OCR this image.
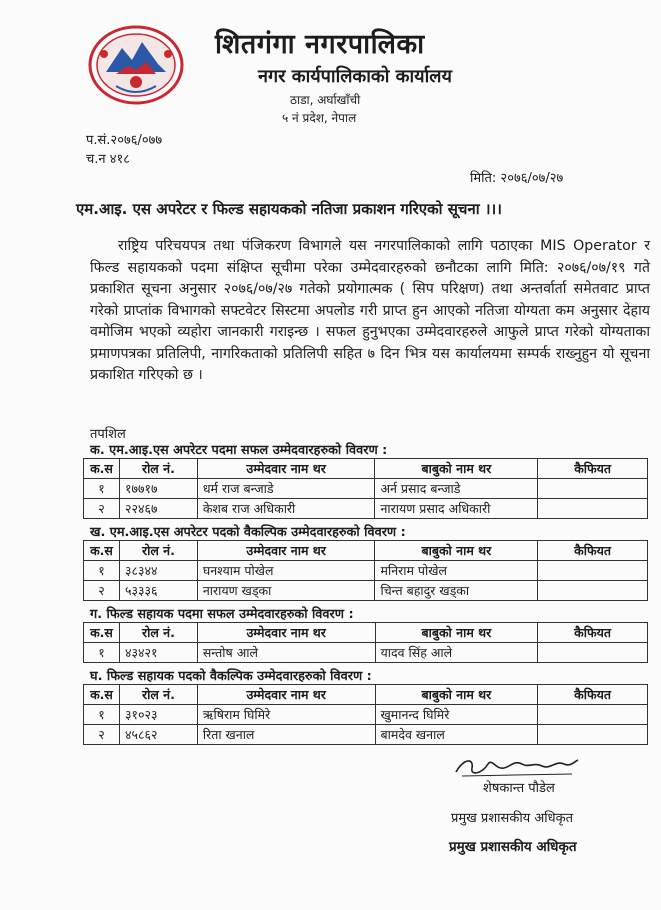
शितगंगा नगरपालिका
नगर कार्यपालिकाको कार्यालय
ठाडा, अर्घाखाँची
५ नं प्रदेश, नेपाल
प.सं.२०७६/०७७
च.न ४१८
मिति: २०७६/०७/२७
एम.आइ. एस अपरेटर र फिल्ड सहायकको नतिजा प्रकाशन गरिएको सूचना ।।।
राष्ट्रिय परिचयपत्र तथा पंजिकरण विभागले यस नगरपालिकाको लागि पठाएका MIS Operator र फिल्ड सहायकको पदमा संक्षिप्त सूचीमा परेका उम्मेदवारहरुको छनौटका लागि मिति: २०७६/०७/१९ गते प्रकाशित सूचना अनुसार २०७६/०७/२७ गतेको प्रयोगात्मक ( सिप परिक्षण) तथा अन्तर्वार्ता समेतवाट प्राप्त गरेको प्राप्तांक विभागको सफ्टवेटर सिस्टमा अपलोड गरी प्राप्त हुन आएको नतिजा योग्यता कम अनुसार देहाय वमोजिम भएको व्यहोरा जानकारी गराइन्छ । सफल हुनुभएका उम्मेदवारहरुले आफुले प्राप्त गरेको योग्यताका प्रमाणपत्रका प्रतिलिपी, नागरिकताको प्रतिलिपी सहित ७ दिन भित्र यस कार्यालयमा सम्पर्क राख्नुहुन यो सूचना प्रकाशित गरिएको छ ।
तपशिल
क. एम.आइ.एस अपरेटर पदमा सफल उम्मेदवारहरुको विवरण :
क.स	रोल नं.	उम्मेदवार नाम थर	बाबुको नाम थर	कैफियत
१	१७७१७	धर्म राज बन्जाडे	अर्न प्रसाद बन्जाडे	
२	२२४६७	केशब राज अधिकारी	नारायण प्रसाद अधिकारी	
ख. एम.आइ.एस अपरेटर पदको वैकल्पिक उम्मेदवारहरुको विवरण :
क.स	रोल नं.	उम्मेदवार नाम थर	बाबुको नाम थर	कैफियत
१	३८३४४	घनश्याम पोखेल	मनिराम पोखेल	
२	५३३३६	नारायण खड्का	चिन्त बहादुर खड्का	
ग. फिल्ड सहायक पदमा सफल उम्मेदवारहरुको विवरण :
क.स	रोल नं.	उम्मेदवार नाम थर	बाबुको नाम थर	कैफियत
१	४३४२१	सन्तोष आले	यादव सिंह आले	
घ. फिल्ड सहायक पदको वैकल्पिक उम्मेदवारहरुको विवरण :
क.स	रोल नं.	उम्मेदवार नाम थर	बाबुको नाम थर	कैफियत
१	३१०२३	ऋषिराम घिमिरे	खुमानन्द घिमिरे	
२	४५८६२	रिता खनाल	बामदेव खनाल	
शेषकान्त पौडेल
प्रमुख प्रशासकीय अधिकृत
प्रमुख प्रशासकीय अधिकृत
